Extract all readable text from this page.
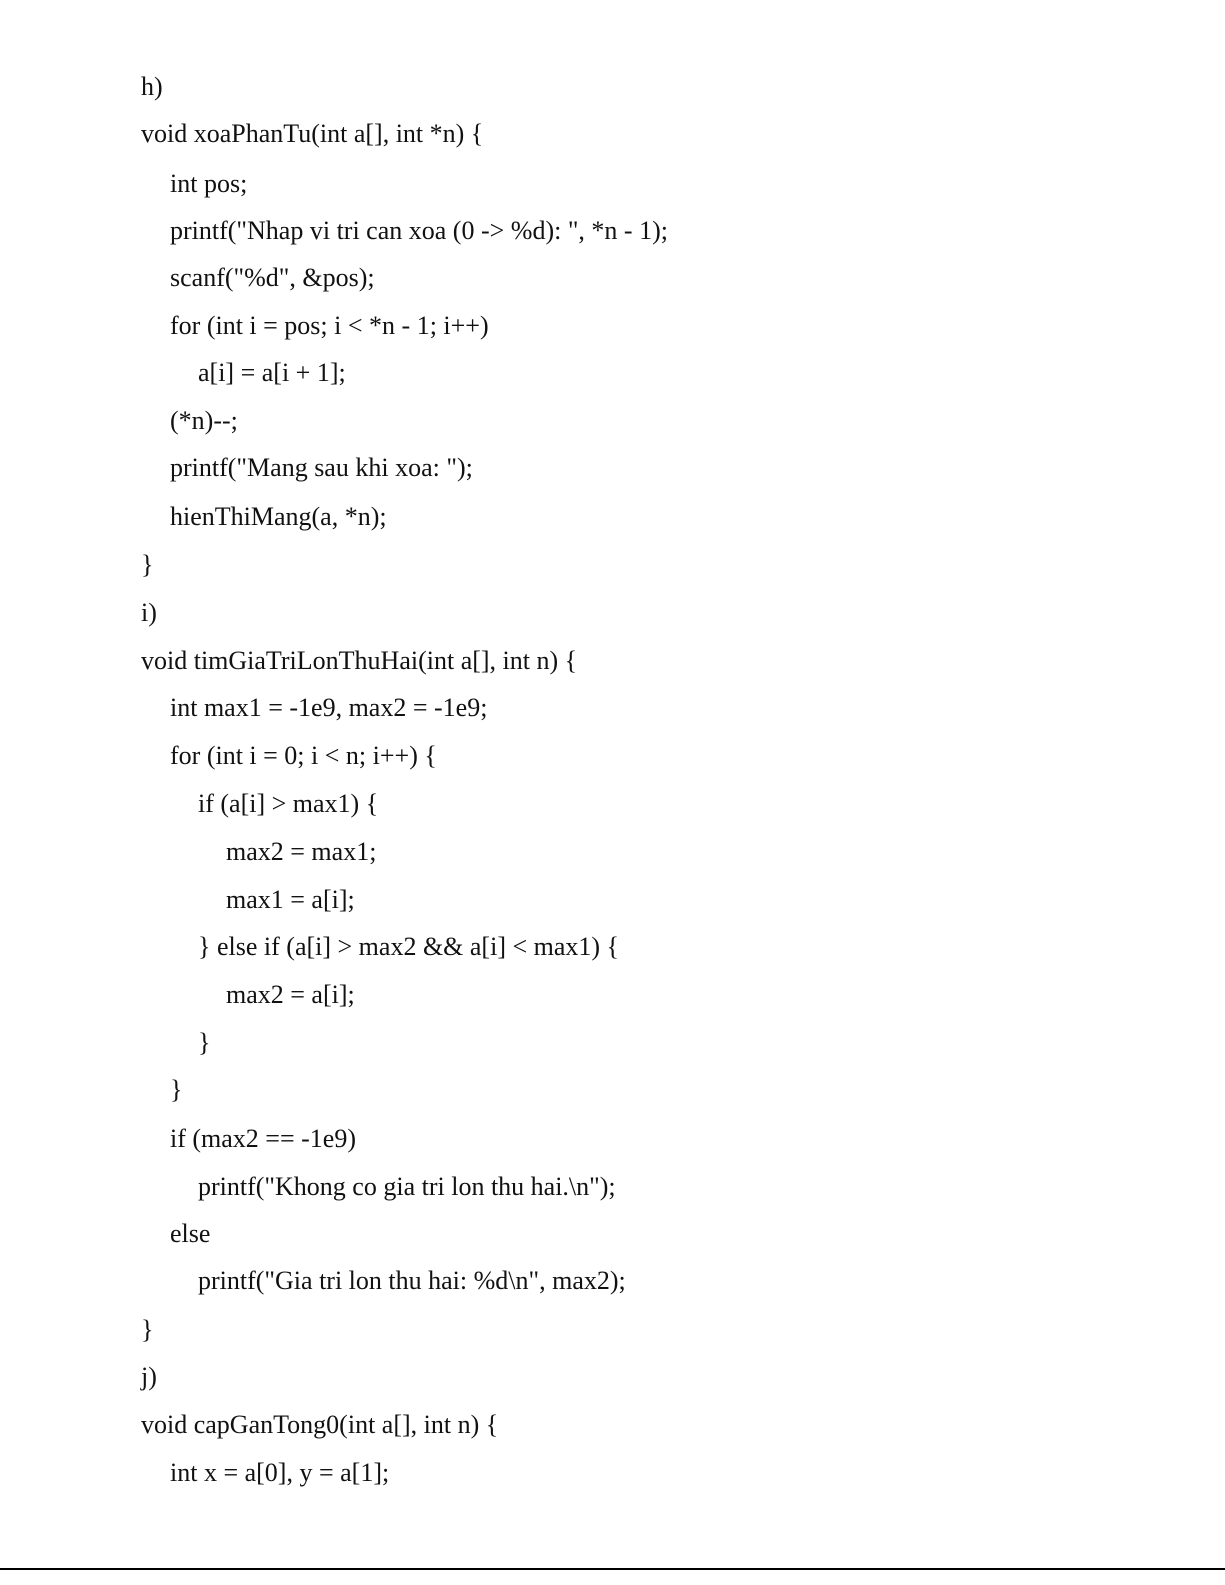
h)
void xoaPhanTu(int a[], int *n) {
int pos;
printf("Nhap vi tri can xoa (0 -> %d): ", *n - 1);
scanf("%d", &pos);
for (int i = pos; i < *n - 1; i++)
a[i] = a[i + 1];
(*n)--;
printf("Mang sau khi xoa: ");
hienThiMang(a, *n);
}
i)
void timGiaTriLonThuHai(int a[], int n) {
int max1 = -1e9, max2 = -1e9;
for (int i = 0; i < n; i++) {
if (a[i] > max1) {
max2 = max1;
max1 = a[i];
} else if (a[i] > max2 && a[i] < max1) {
max2 = a[i];
}
}
if (max2 == -1e9)
printf("Khong co gia tri lon thu hai.\n");
else
printf("Gia tri lon thu hai: %d\n", max2);
}
j)
void capGanTong0(int a[], int n) {
int x = a[0], y = a[1];
